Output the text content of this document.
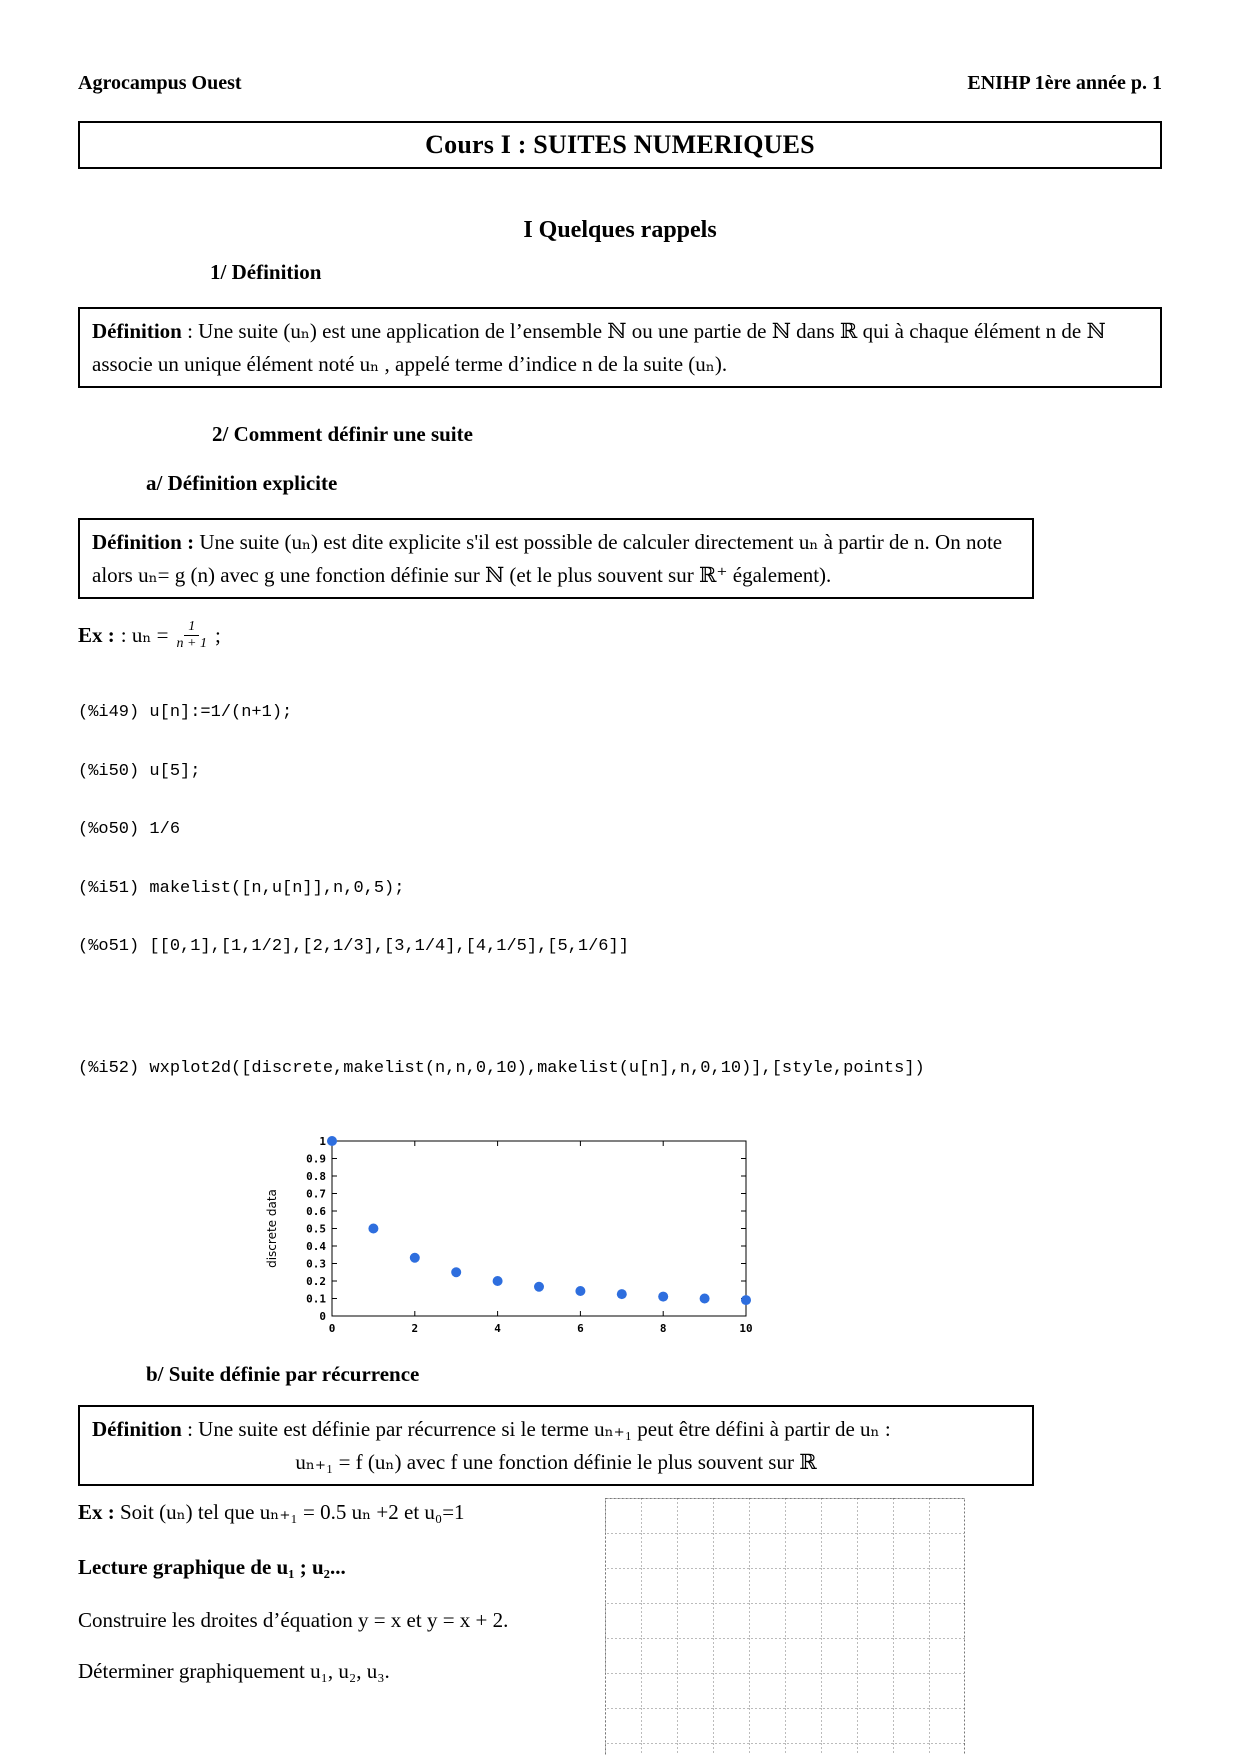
Agrocampus Ouest	ENIHP 1ère année p. 1
Cours I : SUITES NUMERIQUES
I Quelques rappels
1/ Définition

Définition : Une suite (uₙ) est une application de l’ensemble ℕ ou une partie de ℕ dans ℝ qui à chaque élément n de ℕ associe un unique élément noté uₙ , appelé terme d’indice n de la suite (uₙ).

2/ Comment définir une suite
a/ Définition explicite

Définition : Une suite (uₙ) est dite explicite s'il est possible de calculer directement uₙ à partir de n. On note alors uₙ= g (n) avec g une fonction définie sur ℕ (et le plus souvent sur ℝ⁺ également).

Ex : : $u_n = \frac{1}{n + 1}$ ;

(%i49) u[n]:=1/(n+1);

(%i50) u[5];

(%o50) 1/6

(%i51) makelist([n,u[n]],n,0,5);

(%o51) [[0,1],[1,1/2],[2,1/3],[3,1/4],[4,1/5],[5,1/6]]

(%i52) wxplot2d([discrete,makelist(n,n,0,10),makelist(u[n],n,0,10)],[style,points])

0
0.1
0.2
0.3
0.4
0.5
0.6
0.7
0.8
0.9
1
0	2	4	6	8	10
discrete data
b/ Suite définie par récurrence

Définition : Une suite est définie par récurrence si le terme uₙ₊₁ peut être défini à partir de uₙ :

uₙ₊₁ = f (uₙ) avec f une fonction définie le plus souvent sur ℝ

Ex : Soit (uₙ) tel que uₙ₊₁ = 0.5 uₙ +2 et u₀=1

Lecture graphique de u₁ ; u₂...

Construire les droites d’équation y = x et y = x + 2.

Déterminer graphiquement u₁, u₂, u₃.
